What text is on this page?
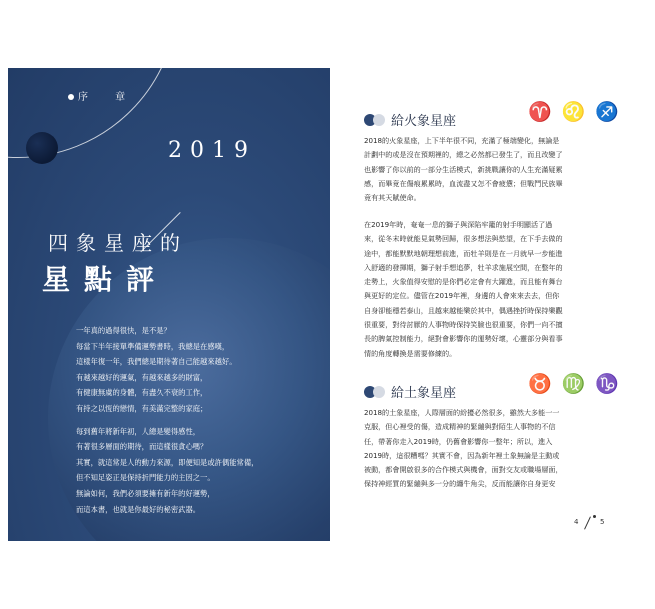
序 章
2019
四象星座的
星點評

一年真的過得很快，是不是？

每當下半年接單準備運勢書時，我總是在感嘆，

這樣年復一年，我們總是期待著自己能越來越好。

有越來越好的運氣，有越來越多的財富，

有健康無虞的身體，有盡久不衰的工作，

有持之以恆的戀情，有美滿完整的家庭；

每到舊年將新年初，人總是變得感性，

有著很多層面的期待，而這樣很貪心嗎？

其實，就這常是人的動力來源，即便知是或許偶能常備，

但不知足姿正是保持折門能力的主因之一。

無論如何，我們必須要擁有新年的好運勢，

而這本書，也就是你最好的秘密武器。

給火象星座	♈ ♌ ♐

2018的火象星座，上下半年很不同，充滿了極端變化，無論是

計劃中的或是沒在預期裡的，總之必然都已發生了，而且改變了

也影響了你以前的一部分生活模式，新挑戰讓你的人生充滿疑累

感，而畢竟在傷痕累累時，血流盡又怎不會疲憊；但戰鬥民族畢

竟有其天賦使命。

在2019年時，奄奄一息的獅子與深陷牢籠的射手明顯活了過

來，從冬末時就能見氣勢回歸，很多想法與慾望，在下手去做的

途中，都能默默地朝理想前進，而牡羊則是在一月就早一步能進

入舒適的發揮期，獅子射手想追夢，牡羊求施展空間，在整年的

走勢上，火象值得安慰的是你們必定會有大躍進，而且能有舞台

與更好的定位。儘管在2019年裡，身邊的人會來來去去，但你

自身卻能穩若泰山，且越來越能樂於其中，偶遇挫折時保持樂觀

很重要，對待討厭的人事物時保持笑臉也很重要，你們一向不擅

長的脾氣控制能力，絕對會影響你的運勢好壞，心靈部分與看事

情的角度轉換是需要修練的。

給土象星座	♉ ♍ ♑

2018的土象星座，人際層面的紛擾必然很多，雖然大多能一一

克服，但心裡受的傷，造成精神的緊繃與對陌生人事物的不信

任，帶著你走入2019時，仍舊會影響你一整年；所以，進入

2019時，這很糟嗎？其實不會，因為新年裡土象無論是主動或

被動，都會開啟很多的合作模式與機會，面對交友或職場層面，

保持神經質的緊繃與多一分的纏牛角尖，反而能讓你自身更安

4	5
